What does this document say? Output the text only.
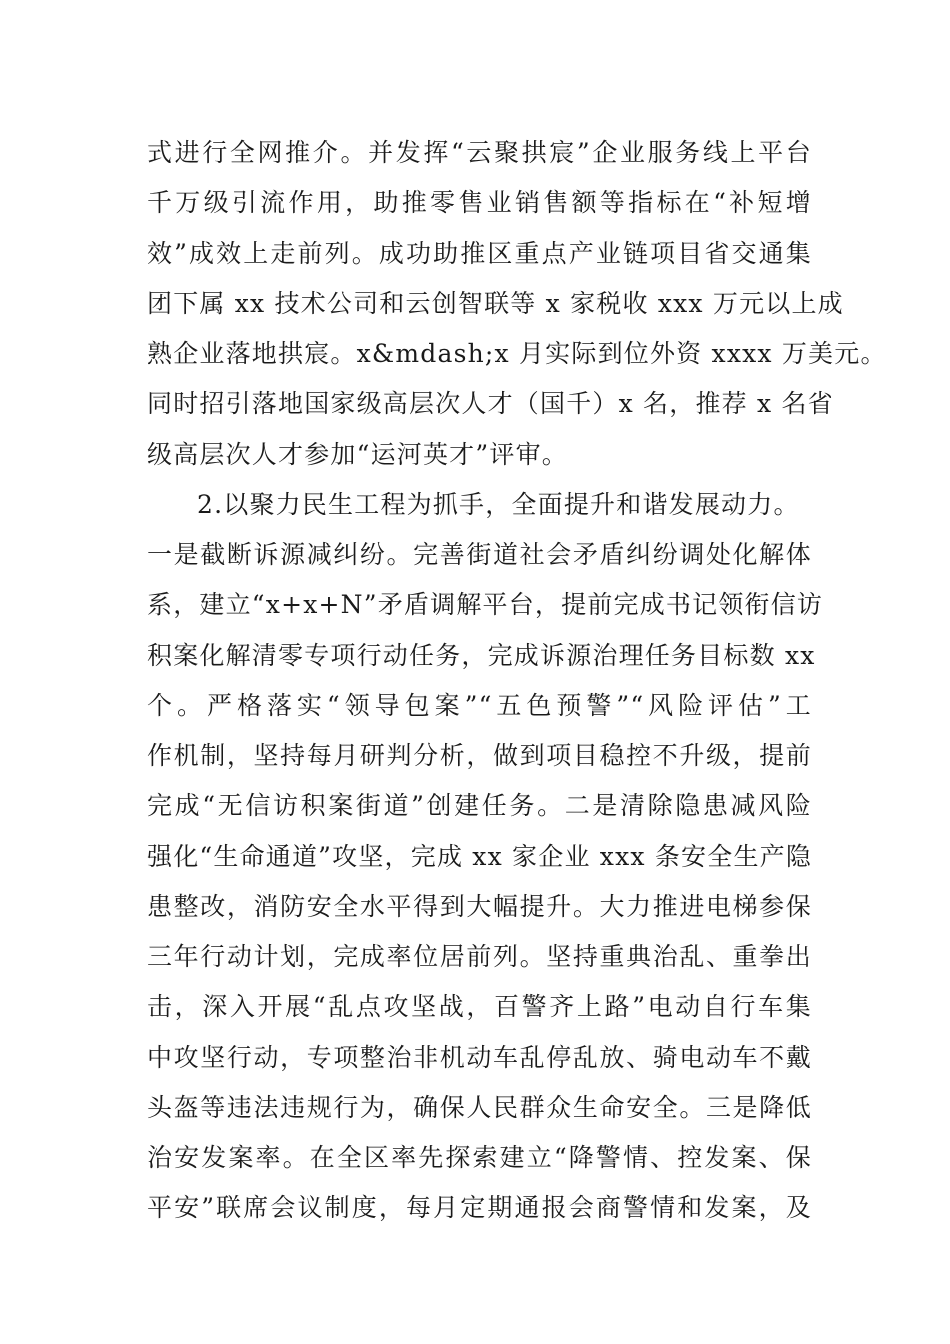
式进行全网推介。并发挥“云聚拱宸”企业服务线上平台
千万级引流作用，助推零售业销售额等指标在“补短增
效”成效上走前列。成功助推区重点产业链项目省交通集
团下属 xx 技术公司和云创智联等 x 家税收 xxx 万元以上成
熟企业落地拱宸。x&mdash;x 月实际到位外资 xxxx 万美元。
同时招引落地国家级高层次人才（国千）x 名，推荐 x 名省
级高层次人才参加“运河英才”评审。
2.以聚力民生工程为抓手，全面提升和谐发展动力。
一是截断诉源减纠纷。完善街道社会矛盾纠纷调处化解体
系，建立“x+x+N”矛盾调解平台，提前完成书记领衔信访
积案化解清零专项行动任务，完成诉源治理任务目标数 xx
个。严格落实“领导包案”“五色预警”“风险评估”工
作机制，坚持每月研判分析，做到项目稳控不升级，提前
完成“无信访积案街道”创建任务。二是清除隐患减风险
强化“生命通道”攻坚，完成 xx 家企业 xxx 条安全生产隐
患整改，消防安全水平得到大幅提升。大力推进电梯参保
三年行动计划，完成率位居前列。坚持重典治乱、重拳出
击，深入开展“乱点攻坚战，百警齐上路”电动自行车集
中攻坚行动，专项整治非机动车乱停乱放、骑电动车不戴
头盔等违法违规行为，确保人民群众生命安全。三是降低
治安发案率。在全区率先探索建立“降警情、控发案、保
平安”联席会议制度，每月定期通报会商警情和发案，及
